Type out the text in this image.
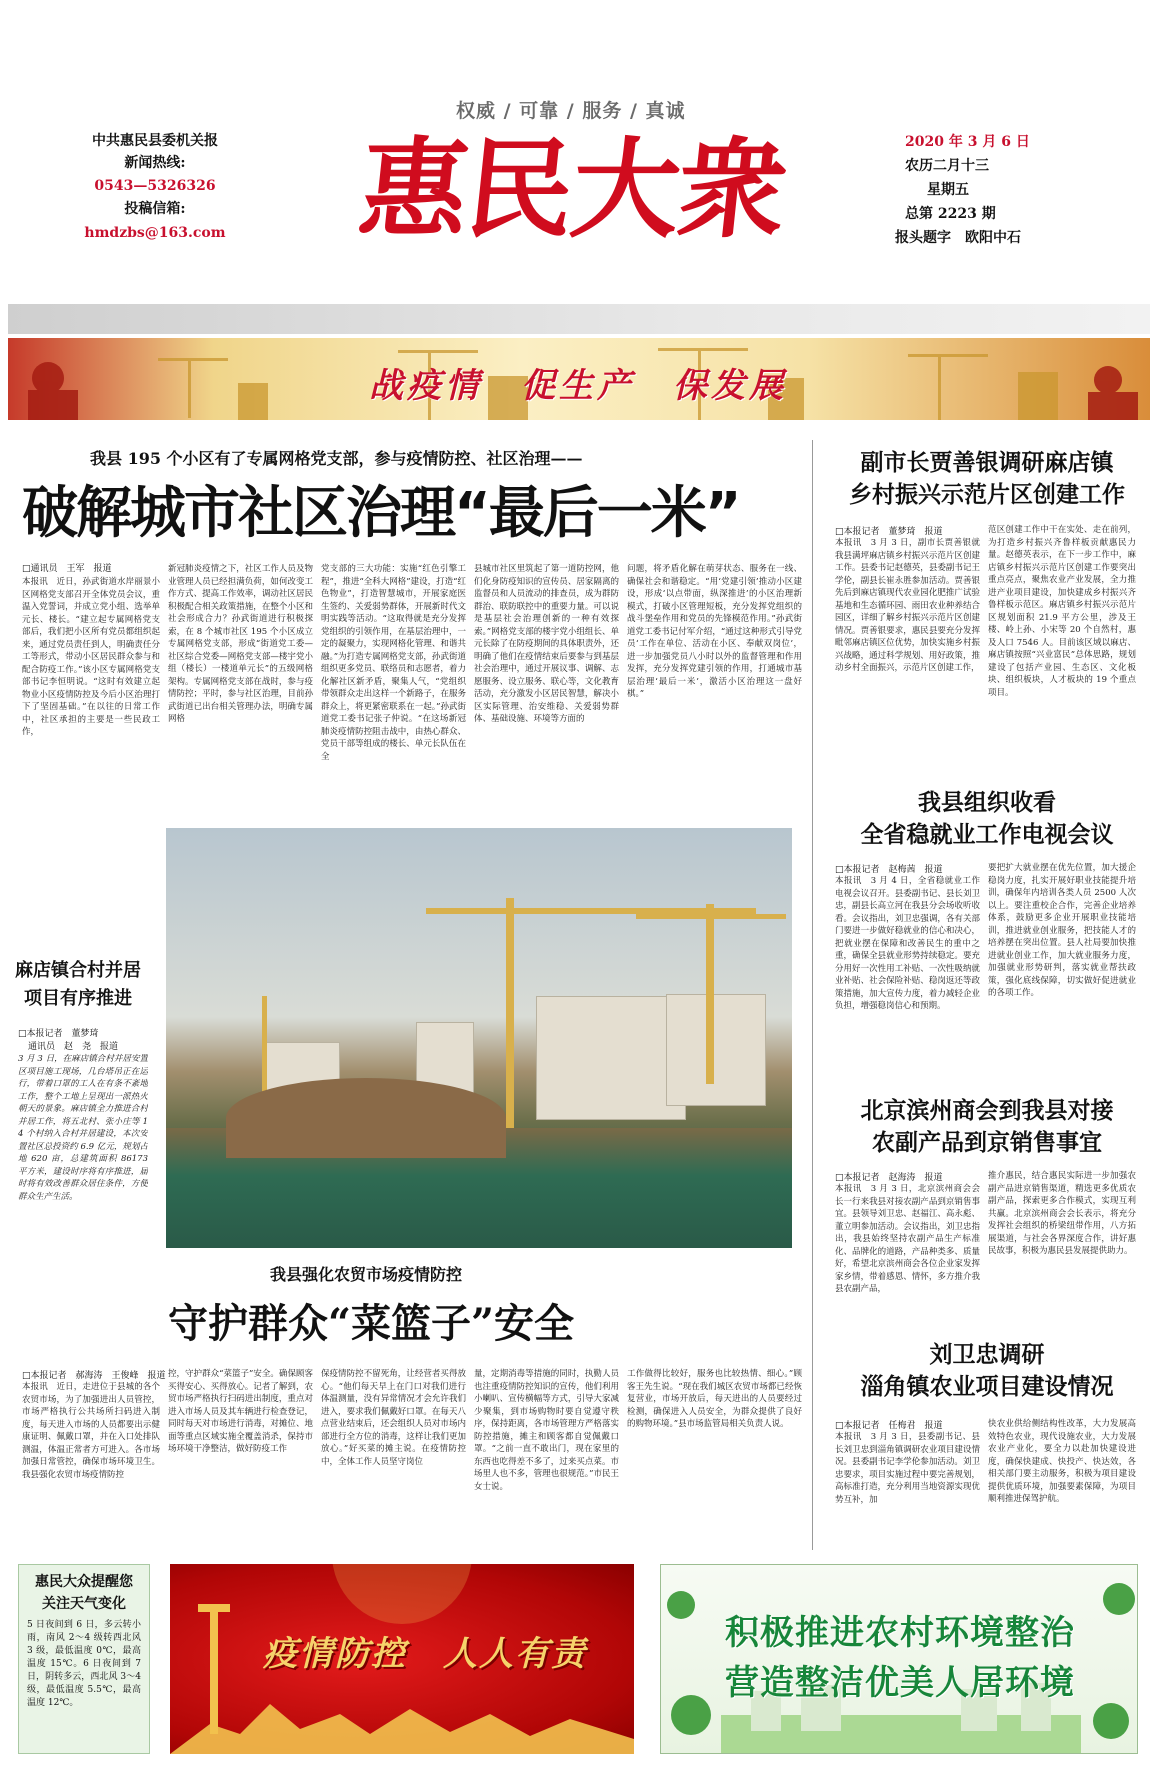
权威 / 可靠 / 服务 / 真诚
中共惠民县委机关报
新闻热线:
0543—5326326
投稿信箱:
hmdzbs@163.com 惠民大衆	2020 年 3 月 6 日
农历二月十三
星期五
总第 2223 期
报头题字　欧阳中石
战疫情　促生产　保发展
我县 195 个小区有了专属网格党支部，参与疫情防控、社区治理——
破解城市社区治理“最后一米”
□通讯员　王军　报道
本报讯　近日，孙武街道水岸丽景小区网格党支部召开全体党员会议，重温入党誓词，并成立党小组、选举单元长、楼长。“建立起专属网格党支部后，我们把小区所有党员都组织起来，通过党员责任到人，明确责任分工等形式，带动小区居民群众参与和配合防疫工作。”该小区专属网格党支部书记李恒明说。“这时有效建立起物业小区疫情防控及今后小区治理打下了坚固基础。”在以往的日常工作中，社区承担的主要是一些民政工作，
新冠肺炎疫情之下，社区工作人员及物业管理人员已经担满负荷，如何改变工作方式、提高工作效率，调动社区居民积极配合相关政策措施，在整个小区和社会形成合力？孙武街道进行积极探索，在 8 个城市社区 195 个小区成立专属网格党支部，形成“街道党工委—社区综合党委—网格党支部—楼宇党小组（楼长）一楼道单元长”的五级网格架构。专属网格党支部在战时，参与疫情防控；平时，参与社区治理，目前孙武街道已出台相关管理办法，明确专属网格
党支部的三大功能：实施“红色引擎工程”，推进“全科大网格”建设，打造“红色物业”，打造智慧城市，开展家庭医生签约、关爱弱势群体，开展新时代文明实践等活动。“这取得就是充分发挥党组织的引领作用，在基层治理中，一定的凝聚力，实现网格化管理、和谐共融。”为打造专属网格党支部，孙武街道组织更多党员、联络员和志愿者，着力化解社区新矛盾，聚集人气，“党组织带领群众走出这样一个新路子，在服务群众上，将更紧密联系在一起。”孙武街道党工委书记张子仲说。“在这场新冠肺炎疫情防控阻击战中，由热心群众、党员干部等组成的楼长、单元长队伍在全
县城市社区里筑起了第一道防控网，他们化身防疫知识的宣传员、居家隔离的监督员和人员流动的排查员，成为群防群治、联防联控中的重要力量。可以说是基层社会治理创新的一种有效探索。”网格党支部的楼宇党小组组长、单元长除了在防疫期间的具体职责外，还明确了他们在疫情结束后要参与到基层社会治理中，通过开展议事、调解、志愿服务、设立服务、联心等，文化教育活动，充分激发小区居民智慧，解决小区实际管理、治安维稳、关爱弱势群体、基础设施、环境等方面的
问题，将矛盾化解在萌芽状态、服务在一线、确保社会和谐稳定。“用‘党建引领’推动小区建设，形成‘以点带面，纵深推进’的小区治理新模式，打破小区管理短板，充分发挥党组织的战斗堡垒作用和党员的先锋模范作用。”孙武街道党工委书记付军介绍，“通过这种形式引导党员‘工作在单位、活动在小区、奉献双岗位’，进一步加强党员八小时以外的监督管理和作用发挥，充分发挥党建引领的作用，打通城市基层治理‘最后一米’，激活小区治理这一盘好棋。”
副市长贾善银调研麻店镇
乡村振兴示范片区创建工作
□本报记者　董梦琦　报道
本报讯　3 月 3 日，副市长贾善银就我县满坪麻店镇乡村振兴示范片区创建工作。县委书记赵德英，县委副书记王学伦，副县长崔永胜参加活动。贾善银先后到麻店镇现代农业园化肥推广试验基地和生态循环园、雨田农业种养结合园区，详细了解乡村振兴示范片区创建情况。贾善银要求，惠民县要充分发挥毗邻麻店镇区位优势，加快实施乡村振兴战略，通过科学规划、用好政策，推动乡村全面振兴，示范片区创建工作，
范区创建工作中干在实处、走在前列，为打造乡村振兴齐鲁样板贡献惠民力量。赵德英表示，在下一步工作中，麻店镇乡村振兴示范片区创建工作要突出重点亮点，聚焦农业产业发展，全力推进产业项目建设，加快建成乡村振兴齐鲁样板示范区。麻店镇乡村振兴示范片区规划面积 21.9 平方公里，涉及王楼、岭上孙、小宋等 20 个自然村，惠及人口 7546 人。目前该区域以麻店、麻店镇按照“兴业富民”总体思路，规划建设了包括产业园、生态区、文化板块、组织板块，人才板块的 19 个重点项目。
我县组织收看
全省稳就业工作电视会议
□本报记者　赵梅茜　报道
本报讯　3 月 4 日，全省稳就业工作电视会议召开。县委副书记、县长刘卫忠，副县长高立河在我县分会场收听收看。会议指出，刘卫忠强调，各有关部门要进一步做好稳就业的信心和决心，把就业摆在保障和改善民生的重中之重，确保全县就业形势持续稳定。要充分用好一次性用工补贴、一次性吸纳就业补贴、社会保险补贴、稳岗返还等政策措施，加大宣传力度，着力减轻企业负担，增强稳岗信心和预期。
要把扩大就业摆在优先位置，加大援企稳岗力度，扎实开展好职业技能提升培训，确保年内培训各类人员 2500 人次以上。要注重校企合作，完善企业培养体系，鼓励更多企业开展职业技能培训，推进就业创业服务，把技能人才的培养摆在突出位置。县人社局要加快推进就业创业工作，加大就业服务力度，加强就业形势研判，落实就业帮扶政策，强化底线保障，切实做好促进就业的各项工作。
北京滨州商会到我县对接
农副产品到京销售事宜
□本报记者　赵海涛　报道
本报讯　3 月 3 日，北京滨州商会会长一行来我县对接农副产品到京销售事宜。县领导刘卫忠、赵福江、高永彪、董立明参加活动。会议指出，刘卫忠指出，我县始终坚持农副产品生产标准化、品牌化的道路，产品种类多、质量好，希望北京滨州商会各位企业家发挥家乡情，带着感恩、情怀，多方推介我县农副产品，
推介惠民，结合惠民实际进一步加强农副产品进京销售渠道，精选更多优质农副产品，探索更多合作模式，实现互利共赢。北京滨州商会会长表示，将充分发挥社会组织的桥梁纽带作用，八方拓展渠道，与社会各界深度合作，讲好惠民故事，积极为惠民县发展提供助力。
刘卫忠调研
淄角镇农业项目建设情况
□本报记者　任梅君　报道
本报讯　3 月 3 日，县委副书记、县长刘卫忠到淄角镇调研农业项目建设情况。县委副书记李学伦参加活动。刘卫忠要求，项目实施过程中要完善规划，高标准打造，充分利用当地资源实现优势互补，加
快农业供给侧结构性改革，大力发展高效特色农业，现代设施农业，大力发展农业产业化，要全力以赴加快建设进度，确保快建成、快投产、快达效，各相关部门要主动服务，积极为项目建设提供优质环境，加强要素保障，为项目顺利推进保驾护航。
麻店镇合村并居
项目有序推进
□本报记者　董梦琦
通讯员　赵　尧　报道
3 月 3 日，在麻店镇合村并居安置区项目施工现场，几台塔吊正在运行，带着口罩的工人在有条不紊地工作，整个工地上呈现出一派热火朝天的景象。麻店镇全力推进合村并居工作，将五北村、张小庄等 14 个村纳入合村并居建设，本次安置社区总投资约 6.9 亿元，规划占地 620 亩，总建筑面积 86173 平方米，建设时序将有序推进，届时将有效改善群众居住条件，方便群众生产生活。
我县强化农贸市场疫情防控
守护群众“菜篮子”安全
□本报记者　郝海涛　王俊峰　报道
本报讯　近日，走进位于县城的各个农贸市场，为了加强进出人员管控，市场严格执行公共场所扫码进入制度，每天进入市场的人员都要出示健康证明、佩戴口罩，并在入口处排队测温，体温正常者方可进入。各市场加强日常管控，确保市场环境卫生。我县强化农贸市场疫情防控
控，守护群众“菜篮子”安全。确保顾客买得安心、买得放心。记者了解到，农贸市场严格执行扫码进出制度，重点对进入市场人员及其车辆进行检查登记，同时每天对市场进行消毒，对摊位、地面等重点区域实施全覆盖消杀，保持市场环境干净整洁，做好防疫工作
保疫情防控不留死角，让经营者买得放心。“他们每天早上在门口对我们进行体温测量，没有异常情况才会允许我们进入，要求我们佩戴好口罩。在每天八点营业结束后，还会组织人员对市场内部进行全方位的消毒，这样让我们更加放心。”好买菜的摊主说。在疫情防控中，全体工作人员坚守岗位
量，定期消毒等措施的同时，执勤人员也注重疫情防控知识的宣传，他们利用小喇叭、宣传横幅等方式，引导大家减少聚集，到市场购物时要自觉遵守秩序，保持距离，各市场管理方严格落实防控措施，摊主和顾客都自觉佩戴口罩。“之前一直不敢出门，现在家里的东西也吃得差不多了，过来买点菜。市场里人也不多，管理也很规范。”市民王女士说。
工作做得比较好，服务也比较热情、细心。”顾客王先生说。“现在我们城区农贸市场都已经恢复营业，市场开放后，每天进出的人员要经过检测，确保进入人员安全，为群众提供了良好的购物环境。”县市场监管局相关负责人说。
惠民大众提醒您
关注天气变化
5 日夜间到 6 日，多云转小雨，南风 2～4 级转西北风 3 级，最低温度 0℃，最高温度 15℃。6 日夜间到 7 日，阴转多云，西北风 3～4 级，最低温度 5.5℃，最高温度 12℃。
疫情防控　人人有责
积极推进农村环境整治
营造整洁优美人居环境
